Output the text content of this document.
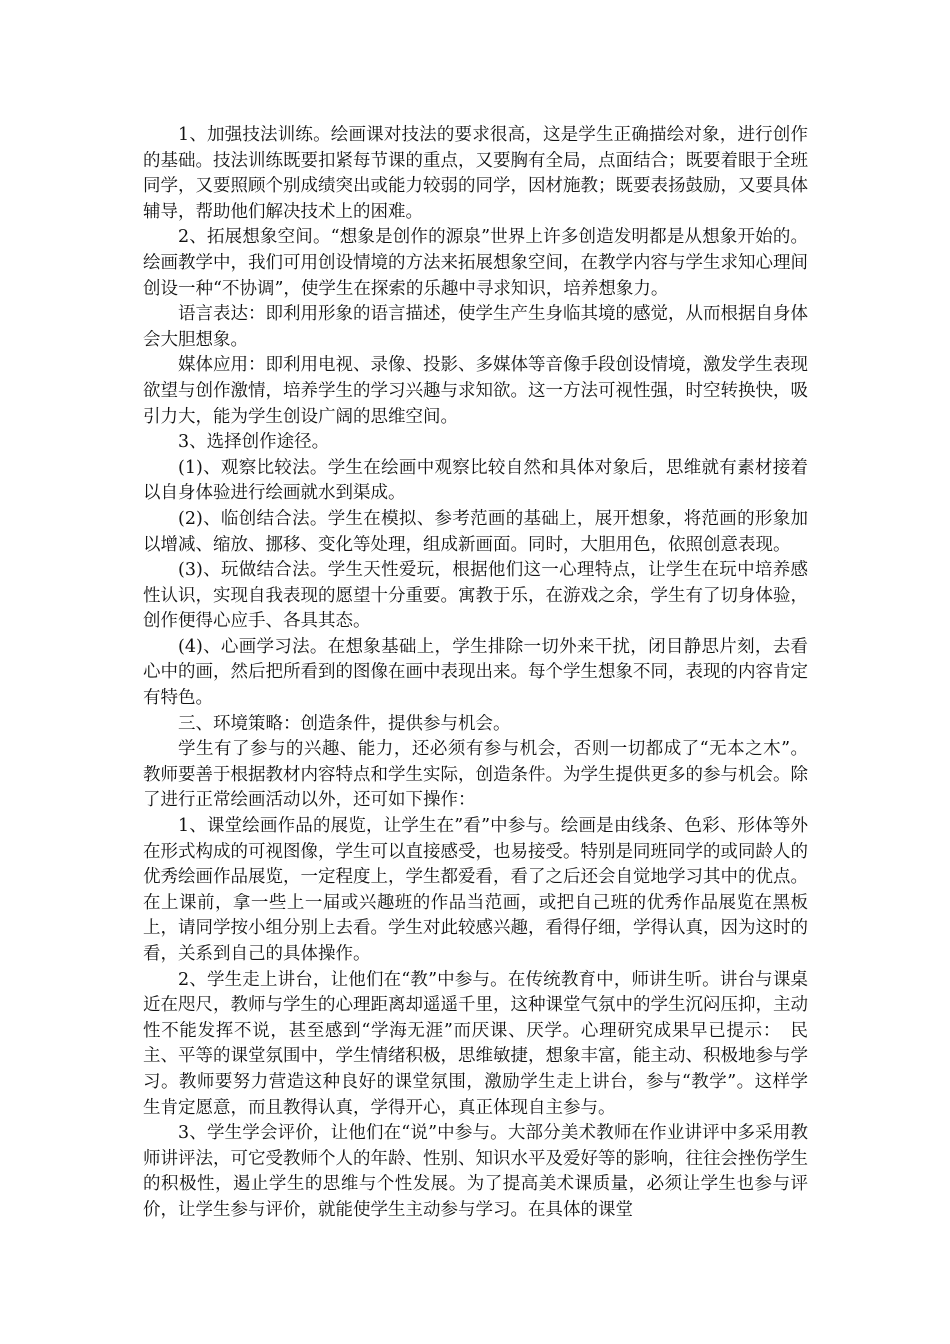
1、加强技法训练。绘画课对技法的要求很高，这是学生正确描绘对象，进行创作的基础。技法训练既要扣紧每节课的重点，又要胸有全局，点面结合；既要着眼于全班同学，又要照顾个别成绩突出或能力较弱的同学，因材施教；既要表扬鼓励，又要具体辅导，帮助他们解决技术上的困难。

2、拓展想象空间。“想象是创作的源泉”世界上许多创造发明都是从想象开始的。绘画教学中，我们可用创设情境的方法来拓展想象空间，在教学内容与学生求知心理间创设一种“不协调”，使学生在探索的乐趣中寻求知识，培养想象力。

语言表达：即利用形象的语言描述，使学生产生身临其境的感觉，从而根据自身体会大胆想象。

媒体应用：即利用电视、录像、投影、多媒体等音像手段创设情境，激发学生表现欲望与创作激情，培养学生的学习兴趣与求知欲。这一方法可视性强，时空转换快，吸引力大，能为学生创设广阔的思维空间。

3、选择创作途径。

(1)、观察比较法。学生在绘画中观察比较自然和具体对象后，思维就有素材接着以自身体验进行绘画就水到渠成。

(2)、临创结合法。学生在模拟、参考范画的基础上，展开想象，将范画的形象加以增减、缩放、挪移、变化等处理，组成新画面。同时，大胆用色，依照创意表现。

(3)、玩做结合法。学生天性爱玩，根据他们这一心理特点，让学生在玩中培养感性认识，实现自我表现的愿望十分重要。寓教于乐，在游戏之余，学生有了切身体验，创作便得心应手、各具其态。

(4)、心画学习法。在想象基础上，学生排除一切外来干扰，闭目静思片刻，去看心中的画，然后把所看到的图像在画中表现出来。每个学生想象不同，表现的内容肯定有特色。

三、环境策略：创造条件，提供参与机会。

学生有了参与的兴趣、能力，还必须有参与机会，否则一切都成了“无本之木”。教师要善于根据教材内容特点和学生实际，创造条件。为学生提供更多的参与机会。除了进行正常绘画活动以外，还可如下操作：

1、课堂绘画作品的展览，让学生在”看”中参与。绘画是由线条、色彩、形体等外在形式构成的可视图像，学生可以直接感受，也易接受。特别是同班同学的或同龄人的优秀绘画作品展览，一定程度上，学生都爱看，看了之后还会自觉地学习其中的优点。在上课前，拿一些上一届或兴趣班的作品当范画，或把自己班的优秀作品展览在黑板上，请同学按小组分别上去看。学生对此较感兴趣，看得仔细，学得认真，因为这时的看，关系到自己的具体操作。

2、学生走上讲台，让他们在“教”中参与。在传统教育中，师讲生听。讲台与课桌近在咫尺，教师与学生的心理距离却遥遥千里，这种课堂气氛中的学生沉闷压抑，主动性不能发挥不说，甚至感到“学海无涯”而厌课、厌学。心理研究成果早已提示：　民主、平等的课堂氛围中，学生情绪积极，思维敏捷，想象丰富，能主动、积极地参与学习。教师要努力营造这种良好的课堂氛围，激励学生走上讲台，参与“教学”。这样学生肯定愿意，而且教得认真，学得开心，真正体现自主参与。

3、学生学会评价，让他们在“说”中参与。大部分美术教师在作业讲评中多采用教师讲评法，可它受教师个人的年龄、性别、知识水平及爱好等的影响，往往会挫伤学生的积极性，遏止学生的思维与个性发展。为了提高美术课质量，必须让学生也参与评价，让学生参与评价，就能使学生主动参与学习。在具体的课堂
